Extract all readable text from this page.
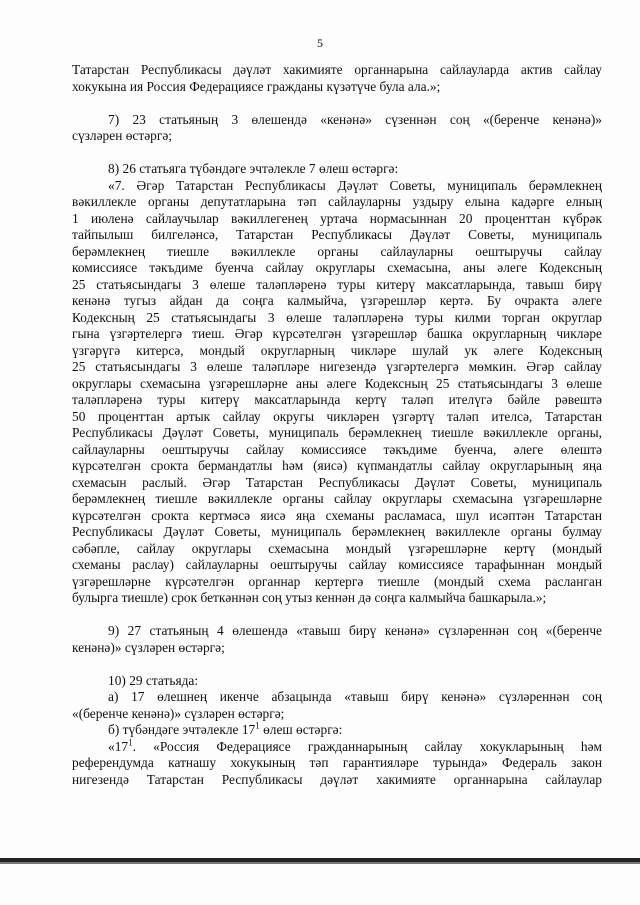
5
Татарстан Республикасы дәүләт хакимияте органнарына сайлауларда актив сайлау
хокукына ия Россия Федерациясе гражданы күзәтүче була ала.»;
7) 23 статьяның 3 өлешендә «кенәнә» сүзеннән соң «(беренче кенәнә)»
сүзләрен өстәргә;
8) 26 статьяга түбәндәге эчтәлекле 7 өлеш өстәргә:
«7. Әгәр Татарстан Республикасы Дәүләт Советы, муниципаль берәмлекнең
вәкиллекле органы депутатларына тәп сайлауларны уздыру елына кадәрге елның
1 июленә сайлаучылар вәкиллегенең уртача нормасыннан 20 проценттан күбрәк
тайпылыш билгеләнсә, Татарстан Республикасы Дәүләт Советы, муниципаль
берәмлекнең тиешле вәкиллекле органы сайлауларны оештыручы сайлау
комиссиясе тәкъдиме буенча сайлау округлары схемасына, аны әлеге Кодексның
25 статьясындагы 3 өлеше таләпләренә туры китерү максатларында, тавыш бирү
кенәнә тугыз айдан да соңга калмыйча, үзгәрешләр кертә. Бу очракта әлеге
Кодексның 25 статьясындагы 3 өлеше таләпләренә туры килми торган округлар
гына үзгәртелергә тиеш. Әгәр күрсәтелгән үзгәрешләр башка округларның чикләре
үзгәрүгә китерсә, мондый округларның чикләре шулай ук әлеге Кодексның
25 статьясындагы 3 өлеше таләпләре нигезендә үзгәртелергә мөмкин. Әгәр сайлау
округлары схемасына үзгәрешләрне аны әлеге Кодексның 25 статьясындагы 3 өлеше
таләпләренә туры китерү максатларында кертү таләп ителүгә бәйле рәвештә
50 проценттан артык сайлау округы чикләрен үзгәртү таләп ителсә, Татарстан
Республикасы Дәүләт Советы, муниципаль берәмлекнең тиешле вәкиллекле органы,
сайлауларны оештыручы сайлау комиссиясе тәкъдиме буенча, әлеге өлештә
күрсәтелгән срокта бермандатлы һәм (яисә) күпмандатлы сайлау округларының яңа
схемасын раслый. Әгәр Татарстан Республикасы Дәүләт Советы, муниципаль
берәмлекнең тиешле вәкиллекле органы сайлау округлары схемасына үзгәрешләрне
күрсәтелгән срокта кертмәсә яисә яңа схеманы расламаса, шул исәптән Татарстан
Республикасы Дәүләт Советы, муниципаль берәмлекнең вәкиллекле органы булмау
сәбәпле, сайлау округлары схемасына мондый үзгәрешләрне кертү (мондый
схеманы раслау) сайлауларны оештыручы сайлау комиссиясе тарафыннан мондый
үзгәрешләрне күрсәтелгән органнар кертергә тиешле (мондый схема расланган
булырга тиешле) срок беткәннән соң утыз кеннән дә соңга калмыйча башкарыла.»;
9) 27 статьяның 4 өлешендә «тавыш бирү кенәнә» сүзләреннән соң «(беренче
кенәнә)» сүзләрен өстәргә;
10) 29 статьяда:
а) 17 өлешнең икенче абзацында «тавыш бирү кенәнә» сүзләреннән соң
«(беренче кенәнә)» сүзләрен өстәргә;
б) түбәндәге эчтәлекле $17^1$ өлеш өстәргә:
«$17^1$. «Россия Федерациясе гражданнарының сайлау хокукларының һәм
референдумда катнашу хокукының тәп гарантияләре турында» Федераль закон
нигезендә Татарстан Республикасы дәүләт хакимияте органнарына сайлаулар
